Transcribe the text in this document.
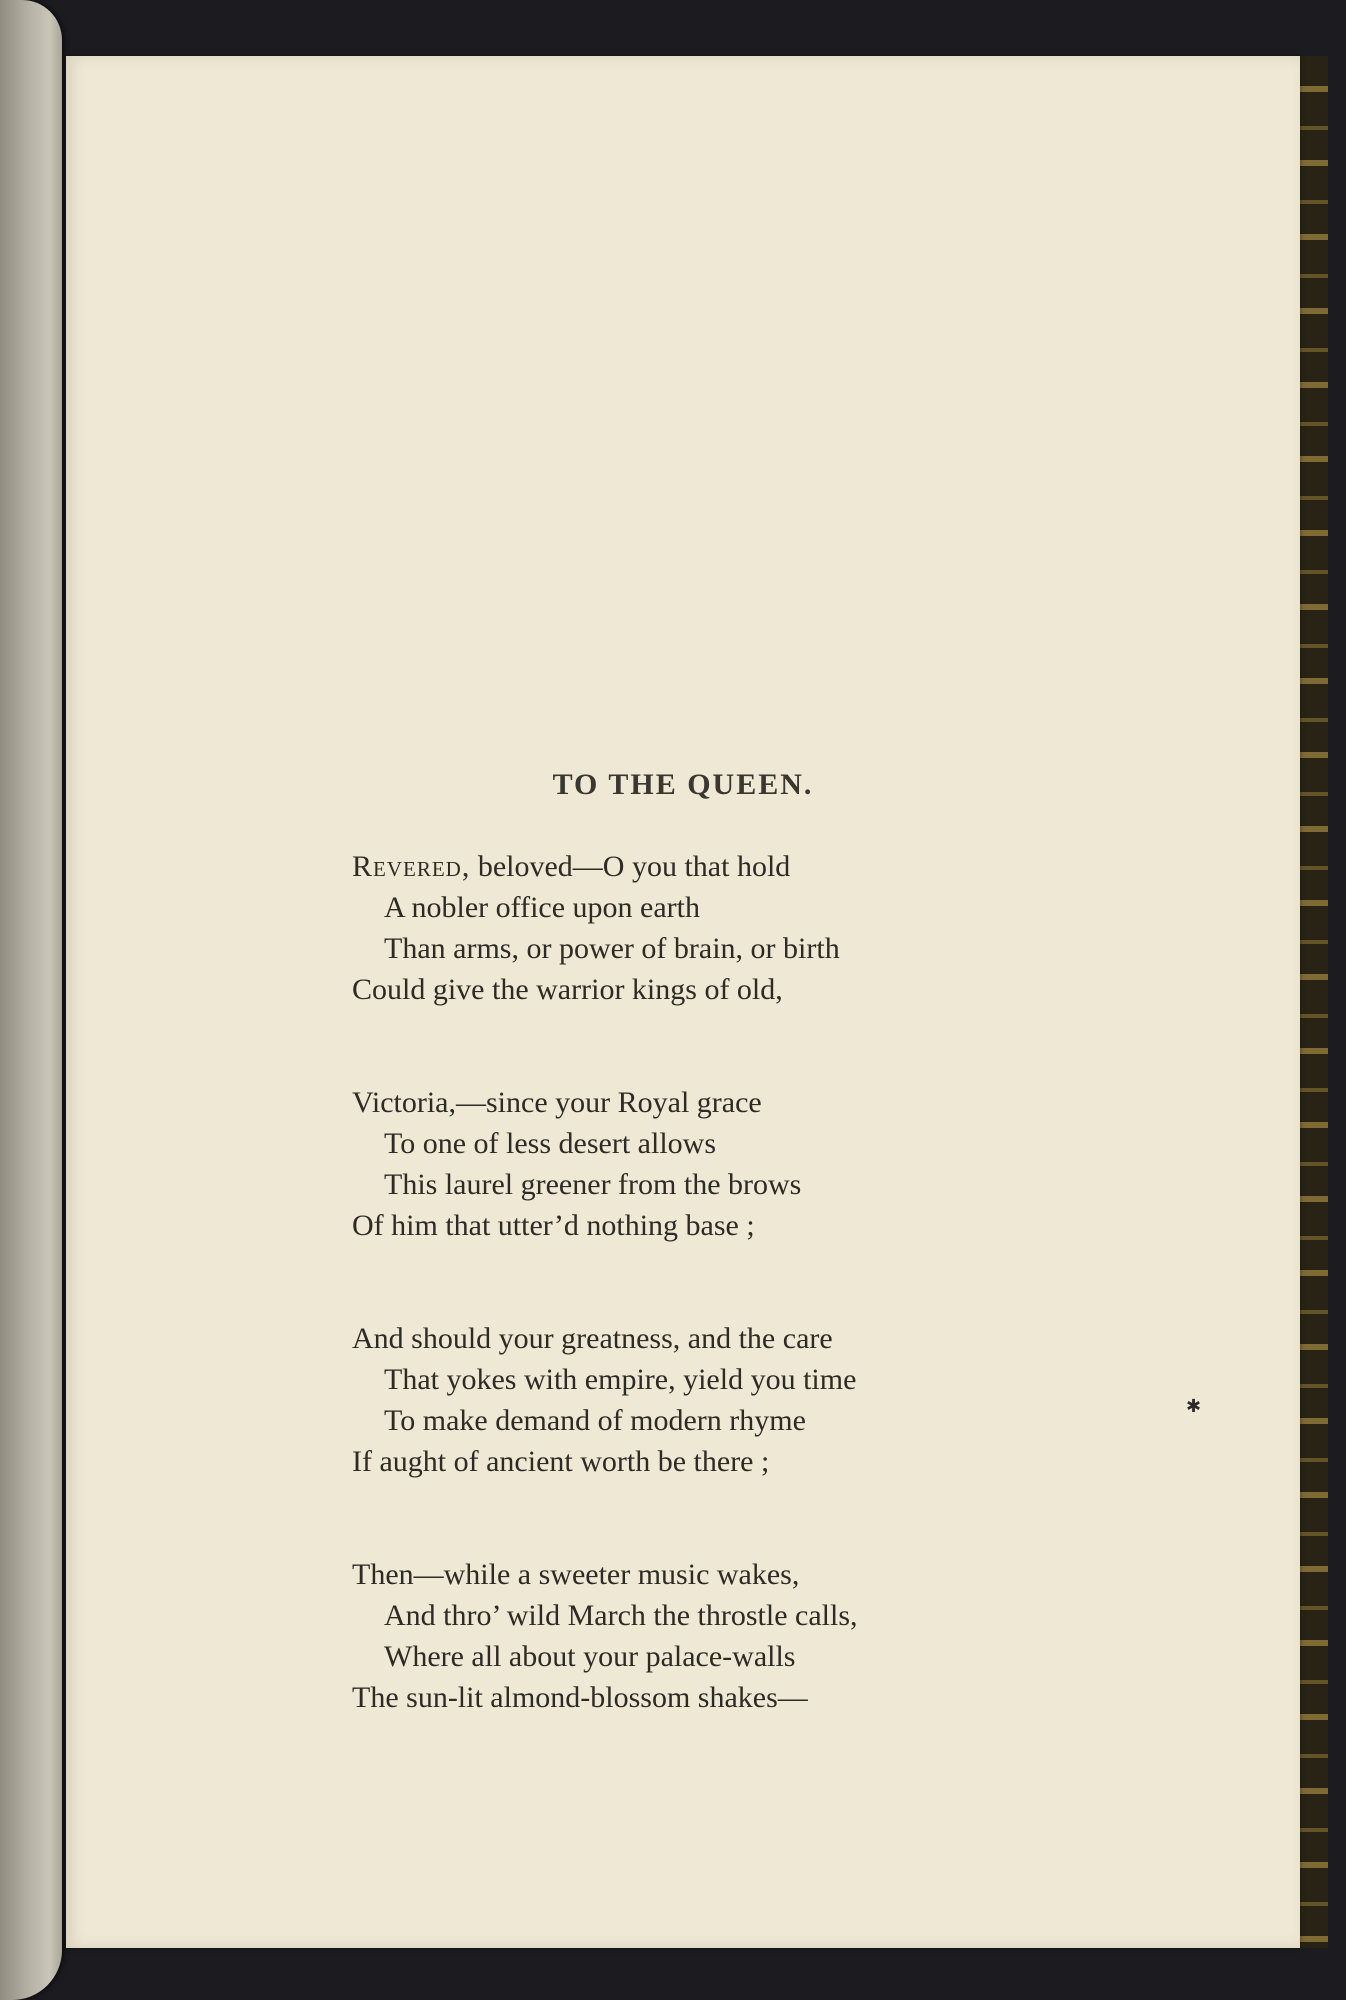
TO THE QUEEN.
Revered, beloved—O you that hold
A nobler office upon earth
Than arms, or power of brain, or birth
Could give the warrior kings of old,
Victoria,—since your Royal grace
To one of less desert allows
This laurel greener from the brows
Of him that utter’d nothing base ;
And should your greatness, and the care
That yokes with empire, yield you time
To make demand of modern rhyme
If aught of ancient worth be there ;
Then—while a sweeter music wakes,
And thro’ wild March the throstle calls,
Where all about your palace-walls
The sun-lit almond-blossom shakes—
✱
